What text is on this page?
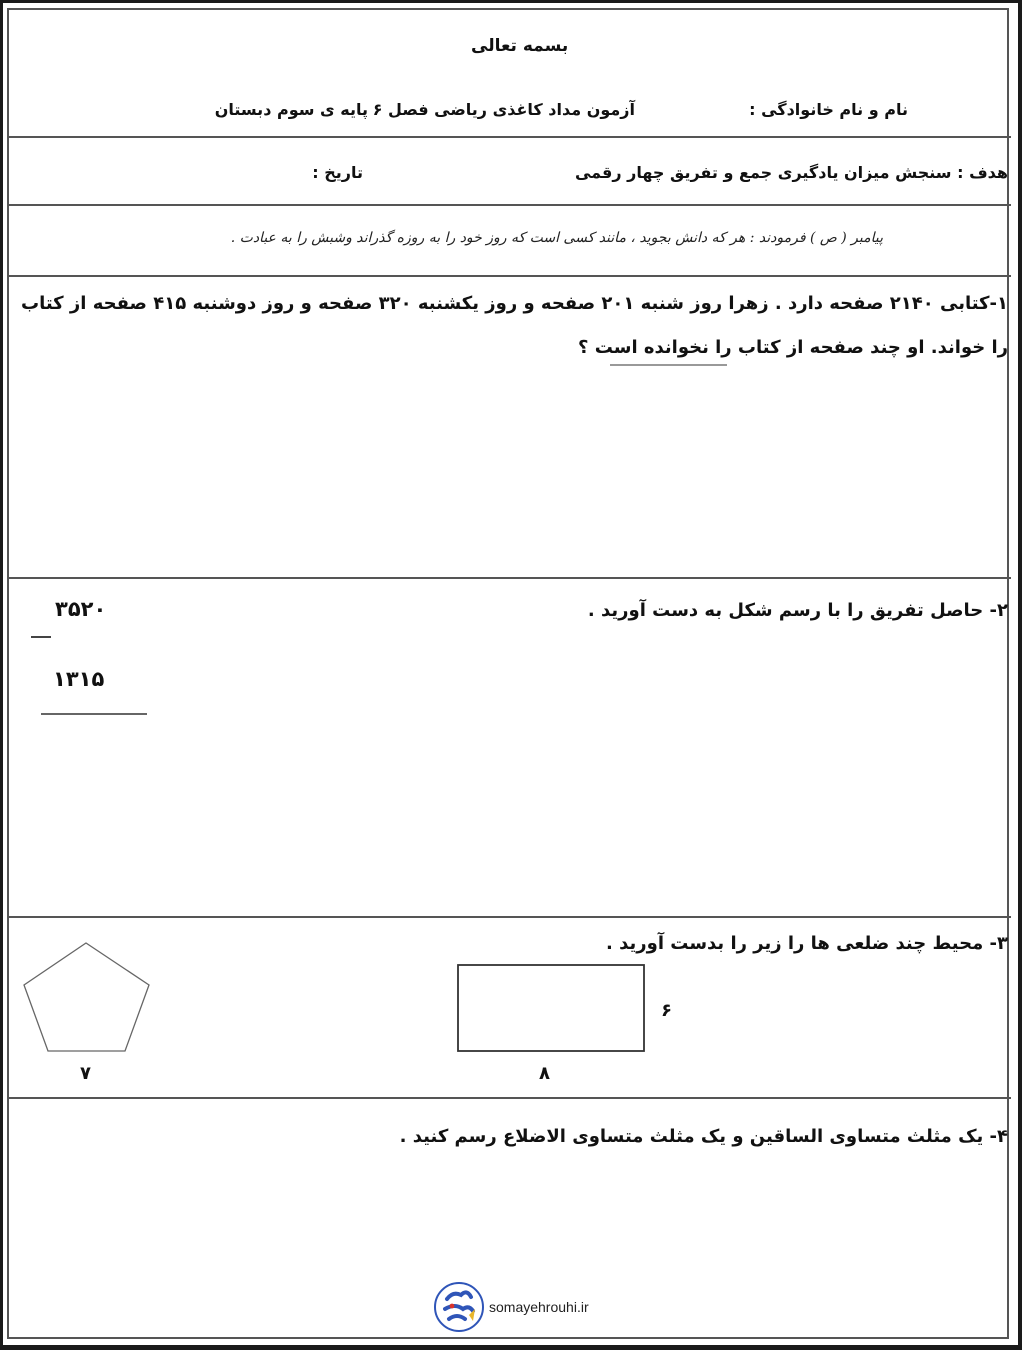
بسمه تعالی
نام و نام خانوادگی :
آزمون مداد کاغذی ریاضی فصل ۶
پایه ی سوم دبستان
هدف : سنجش میزان یادگیری جمع و تفریق چهار رقمی
تاریخ :
پیامبر ( ص ) فرمودند : هر که دانش بجوید ، مانند کسی است که روز خود را به روزه گذراند وشبش را به عبادت .
۱-کتابی ۲۱۴۰ صفحه دارد . زهرا روز شنبه ۲۰۱ صفحه و روز یکشنبه ۳۲۰ صفحه و روز دوشنبه ۴۱۵ صفحه از کتاب
را خواند. او چند صفحه از کتاب را نخوانده است ؟
۲- حاصل تفریق را با رسم شکل به دست آورید .
۳۵۲۰
۱۳۱۵
۳- محیط چند ضلعی ها را زیر را بدست آورید .
۷
۶
۸
۴- یک مثلث متساوی الساقین و یک مثلث متساوی الاضلاع رسم کنید .
somayehrouhi.ir
